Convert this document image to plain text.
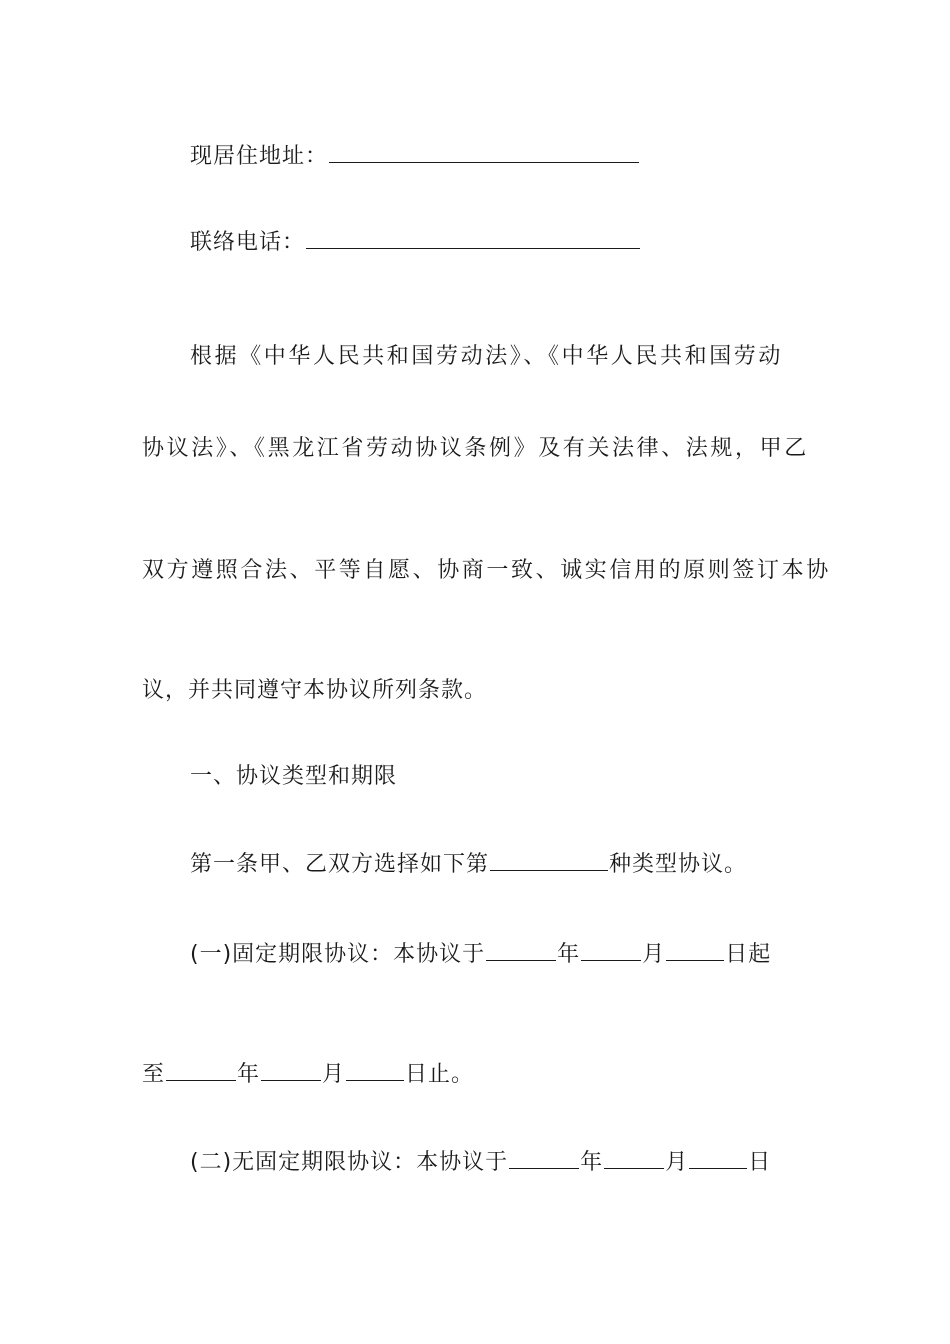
现居住地址：
联络电话：
根据《中华人民共和国劳动法》、《中华人民共和国劳动
协议法》、《黑龙江省劳动协议条例》及有关法律、法规，甲乙
双方遵照合法、平等自愿、协商一致、诚实信用的原则签订本协
议，并共同遵守本协议所列条款。
一、协议类型和期限
第一条甲、乙双方选择如下第	种类型协议。
(一)固定期限协议：本协议于	年	月	日起
至	年	月	日止。
(二)无固定期限协议：本协议于	年	月	日
